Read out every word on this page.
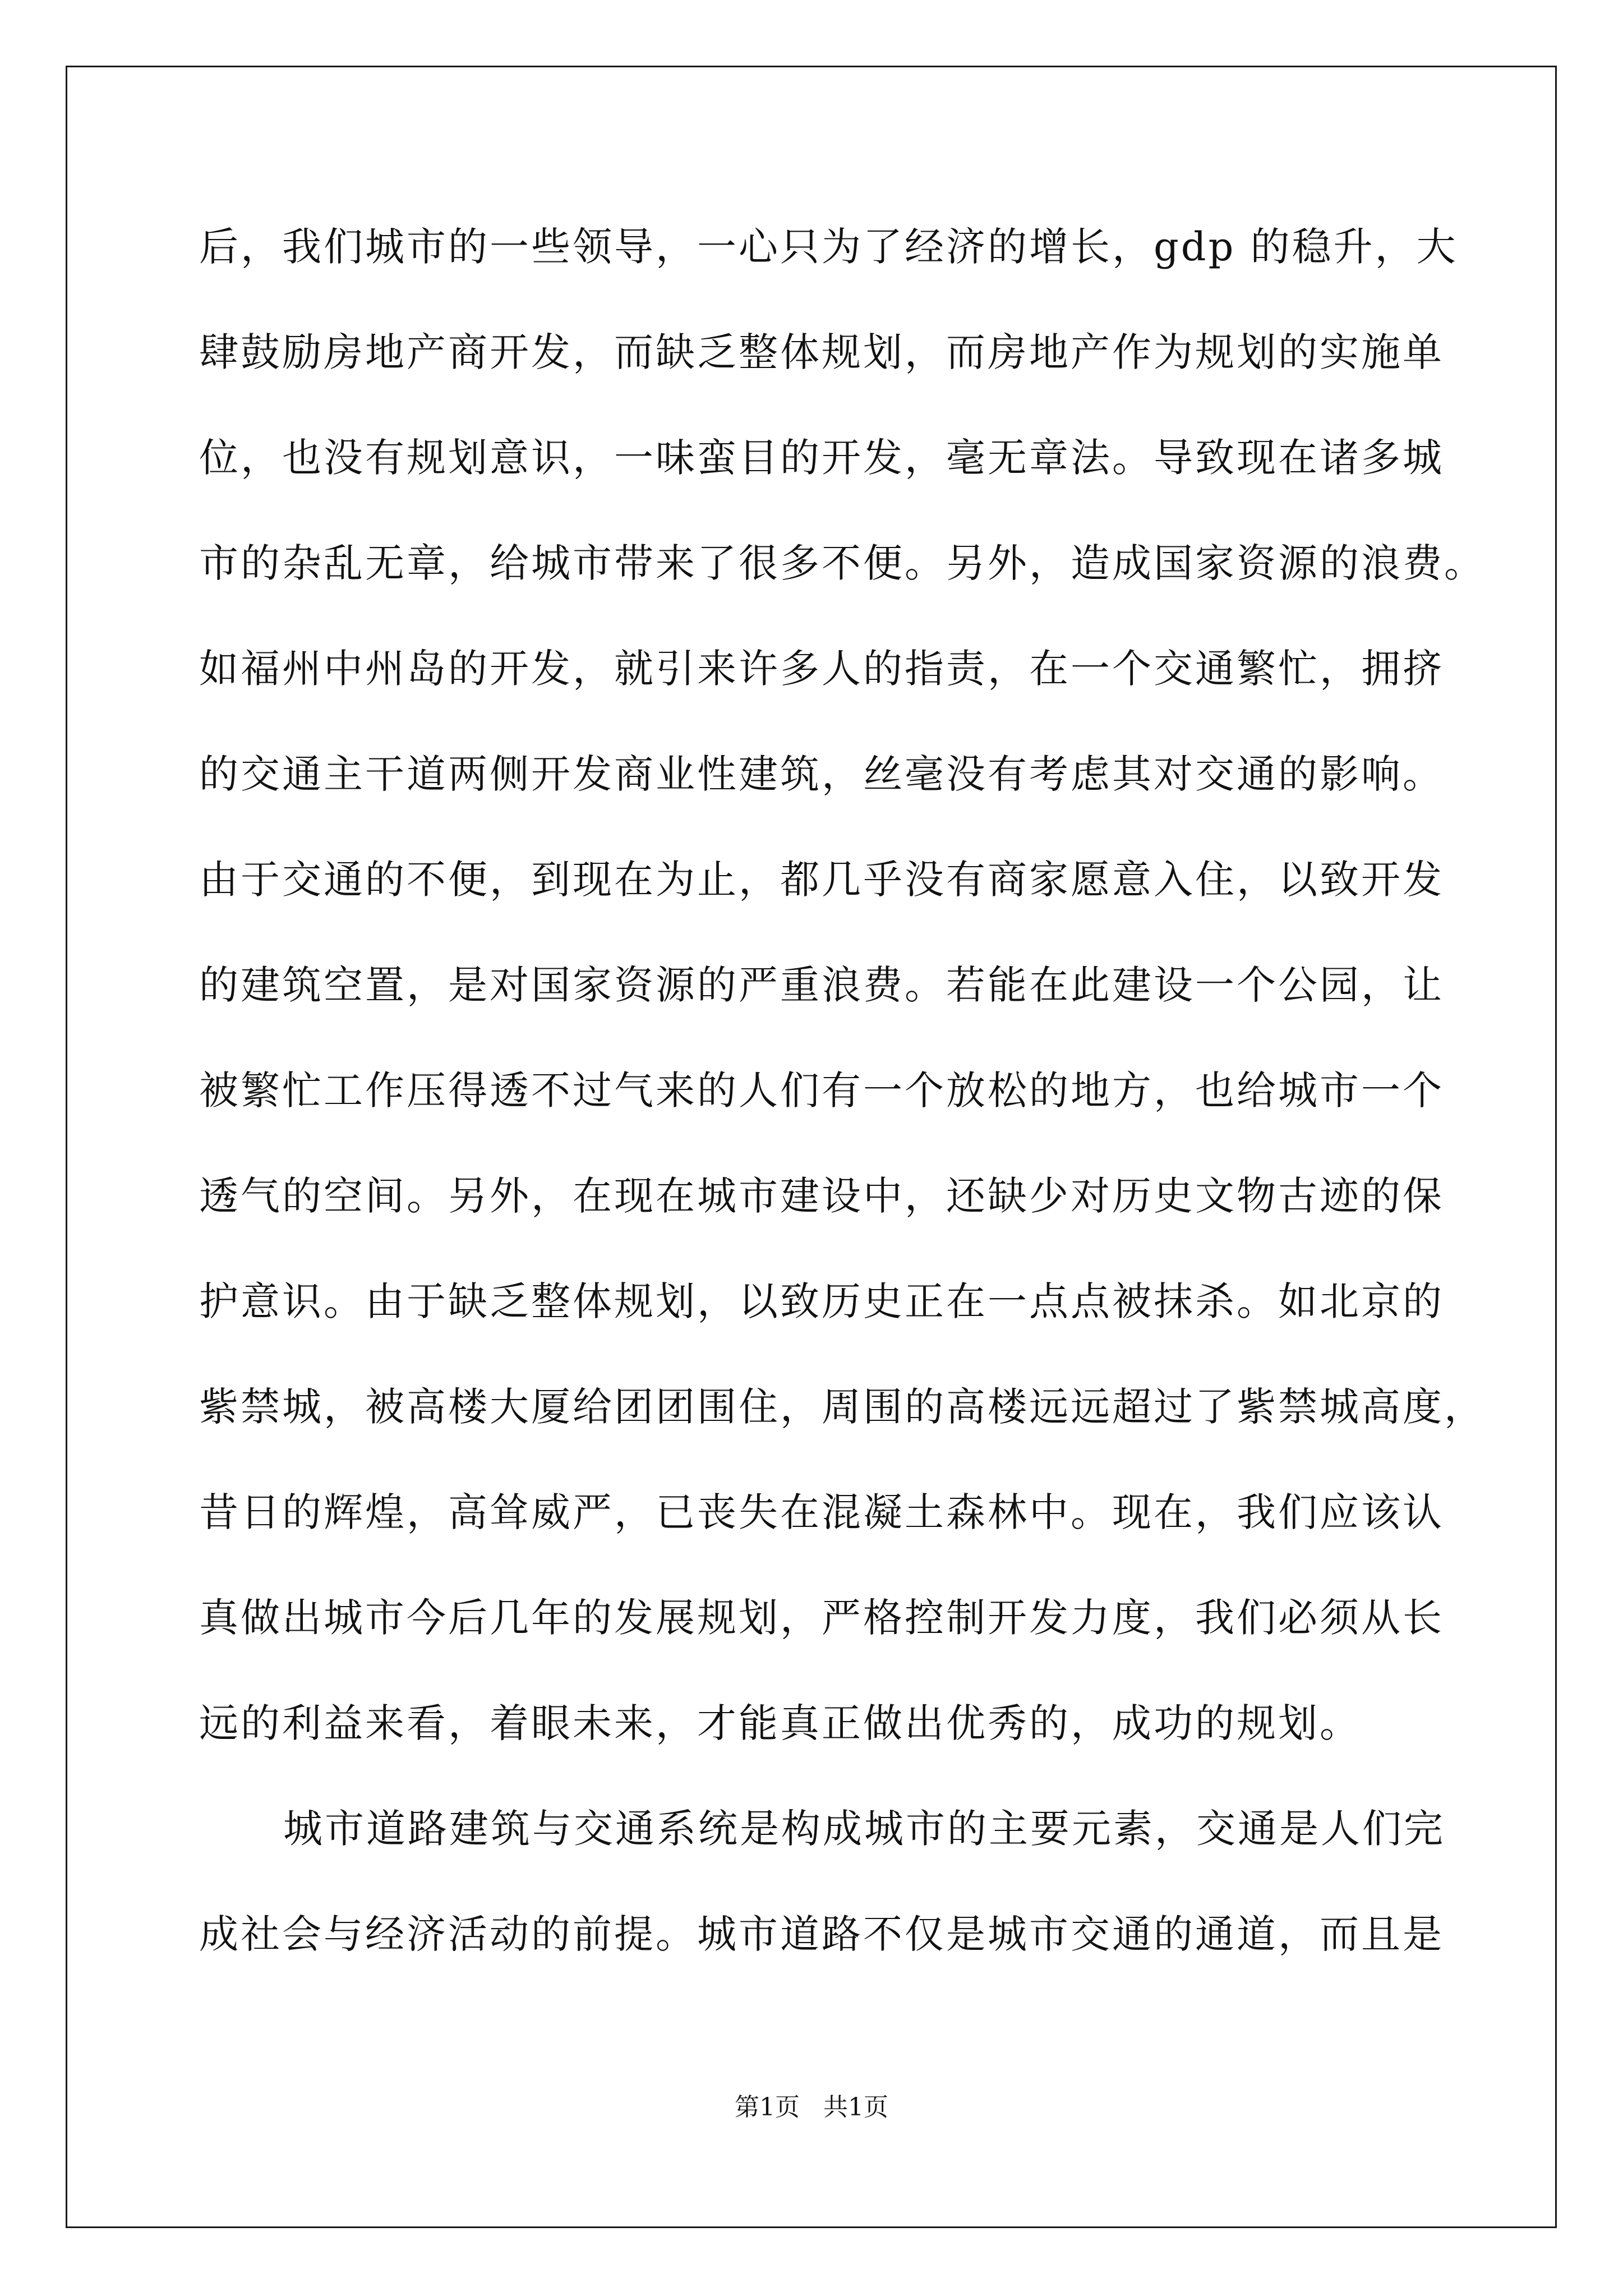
后，我们城市的一些领导，一心只为了经济的增长，gdp 的稳升，大
肆鼓励房地产商开发，而缺乏整体规划，而房地产作为规划的实施单
位，也没有规划意识，一味蛮目的开发，毫无章法。导致现在诸多城
市的杂乱无章，给城市带来了很多不便。另外，造成国家资源的浪费。
如福州中州岛的开发，就引来许多人的指责，在一个交通繁忙，拥挤
的交通主干道两侧开发商业性建筑，丝毫没有考虑其对交通的影响。
由于交通的不便，到现在为止，都几乎没有商家愿意入住，以致开发
的建筑空置，是对国家资源的严重浪费。若能在此建设一个公园，让
被繁忙工作压得透不过气来的人们有一个放松的地方，也给城市一个
透气的空间。另外，在现在城市建设中，还缺少对历史文物古迹的保
护意识。由于缺乏整体规划，以致历史正在一点点被抹杀。如北京的
紫禁城，被高楼大厦给团团围住，周围的高楼远远超过了紫禁城高度，
昔日的辉煌，高耸威严，已丧失在混凝土森林中。现在，我们应该认
真做出城市今后几年的发展规划，严格控制开发力度，我们必须从长
远的利益来看，着眼未来，才能真正做出优秀的，成功的规划。
城市道路建筑与交通系统是构成城市的主要元素，交通是人们完
成社会与经济活动的前提。城市道路不仅是城市交通的通道，而且是
第1页   共1页
